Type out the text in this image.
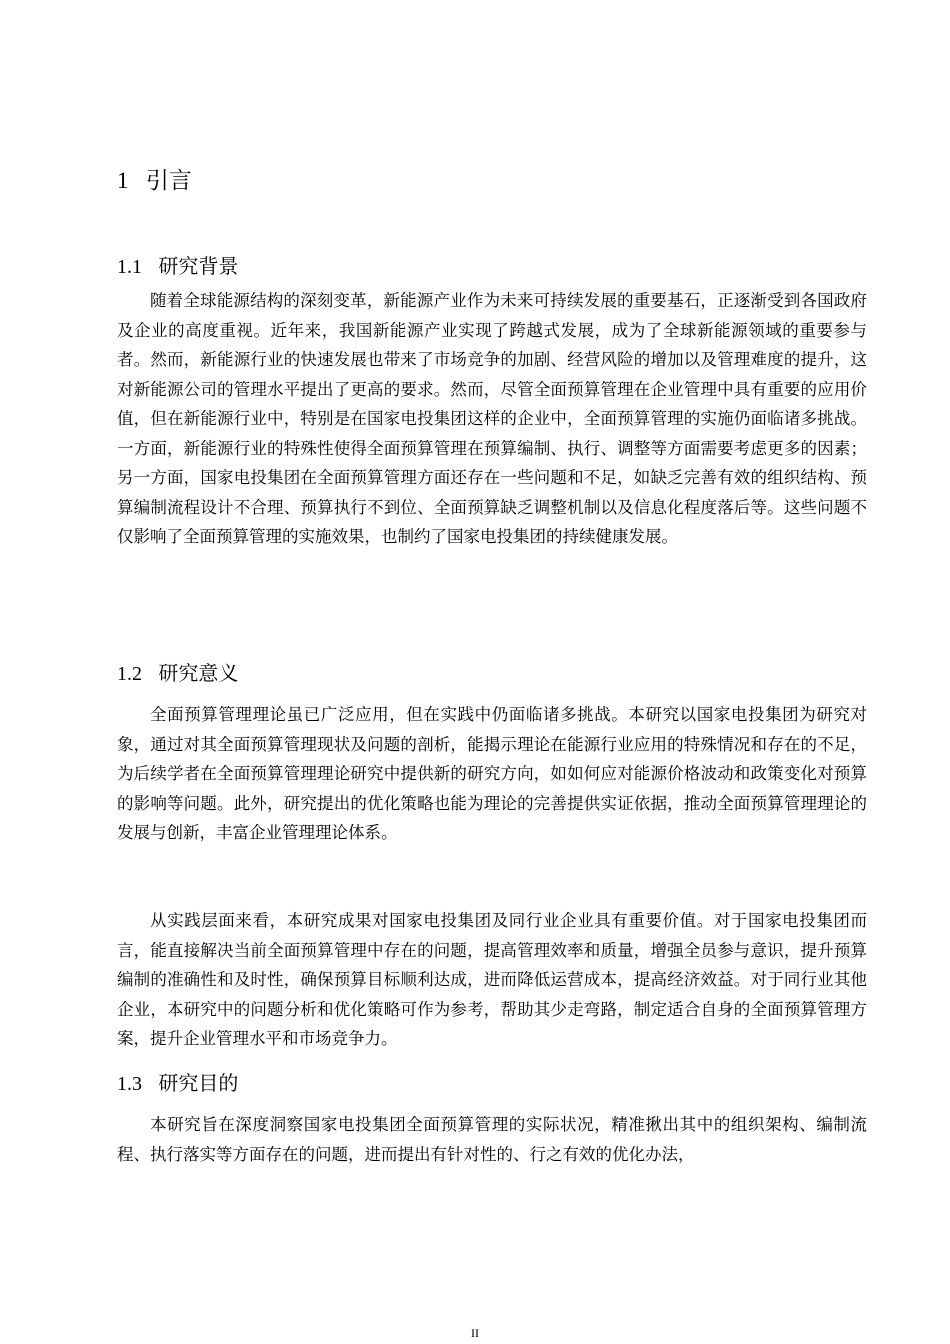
1 引言
1.1 研究背景

随着全球能源结构的深刻变革，新能源产业作为未来可持续发展的重要基石，正逐渐受到各国政府及企业的高度重视。近年来，我国新能源产业实现了跨越式发展，成为了全球新能源领域的重要参与者。然而，新能源行业的快速发展也带来了市场竞争的加剧、经营风险的增加以及管理难度的提升，这对新能源公司的管理水平提出了更高的要求。然而，尽管全面预算管理在企业管理中具有重要的应用价值，但在新能源行业中，特别是在国家电投集团这样的企业中，全面预算管理的实施仍面临诸多挑战。一方面，新能源行业的特殊性使得全面预算管理在预算编制、执行、调整等方面需要考虑更多的因素；另一方面，国家电投集团在全面预算管理方面还存在一些问题和不足，如缺乏完善有效的组织结构、预算编制流程设计不合理、预算执行不到位、全面预算缺乏调整机制以及信息化程度落后等。这些问题不仅影响了全面预算管理的实施效果，也制约了国家电投集团的持续健康发展。

1.2 研究意义

全面预算管理理论虽已广泛应用，但在实践中仍面临诸多挑战。本研究以国家电投集团为研究对象，通过对其全面预算管理现状及问题的剖析，能揭示理论在能源行业应用的特殊情况和存在的不足，为后续学者在全面预算管理理论研究中提供新的研究方向，如如何应对能源价格波动和政策变化对预算的影响等问题。此外，研究提出的优化策略也能为理论的完善提供实证依据，推动全面预算管理理论的发展与创新，丰富企业管理理论体系。

从实践层面来看，本研究成果对国家电投集团及同行业企业具有重要价值。对于国家电投集团而言，能直接解决当前全面预算管理中存在的问题，提高管理效率和质量，增强全员参与意识，提升预算编制的准确性和及时性，确保预算目标顺利达成，进而降低运营成本，提高经济效益。对于同行业其他企业，本研究中的问题分析和优化策略可作为参考，帮助其少走弯路，制定适合自身的全面预算管理方案，提升企业管理水平和市场竞争力。

1.3 研究目的

本研究旨在深度洞察国家电投集团全面预算管理的实际状况，精准揪出其中的组织架构、编制流程、执行落实等方面存在的问题，进而提出有针对性的、行之有效的优化办法，

II
